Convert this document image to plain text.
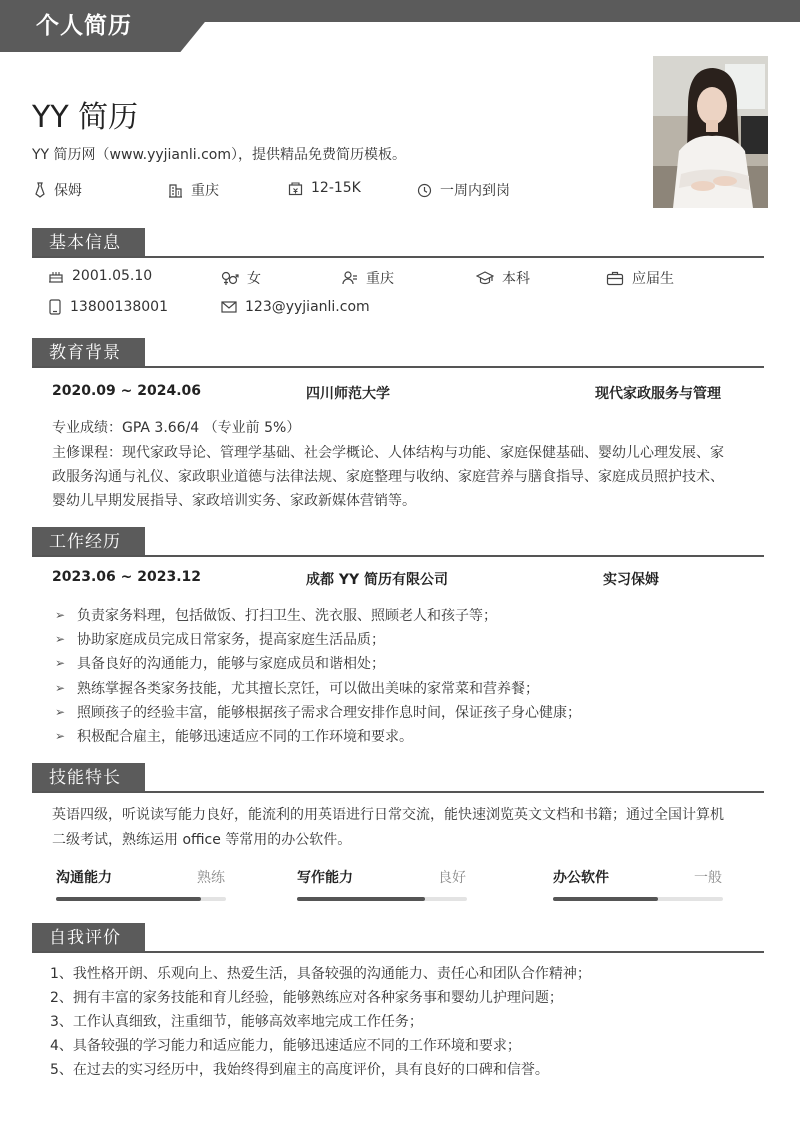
个人简历
YY 简历
YY 简历网（www.yyjianli.com），提供精品免费简历模板。
保姆	重庆	12-15K	一周内到岗
基本信息
2001.05.10	女	重庆	本科	应届生
13800138001	123@yyjianli.com
教育背景
2020.09 ~ 2024.06	四川师范大学	现代家政服务与管理
专业成绩：GPA 3.66/4 （专业前 5%）
主修课程：现代家政导论、管理学基础、社会学概论、人体结构与功能、家庭保健基础、婴幼儿心理发展、家
政服务沟通与礼仪、家政职业道德与法律法规、家庭整理与收纳、家庭营养与膳食指导、家庭成员照护技术、
婴幼儿早期发展指导、家政培训实务、家政新媒体营销等。
工作经历
2023.06 ~ 2023.12	成都 YY 简历有限公司	实习保姆
➢ 负责家务料理，包括做饭、打扫卫生、洗衣服、照顾老人和孩子等；
➢ 协助家庭成员完成日常家务，提高家庭生活品质；
➢ 具备良好的沟通能力，能够与家庭成员和谐相处；
➢ 熟练掌握各类家务技能，尤其擅长烹饪，可以做出美味的家常菜和营养餐；
➢ 照顾孩子的经验丰富，能够根据孩子需求合理安排作息时间，保证孩子身心健康；
➢ 积极配合雇主，能够迅速适应不同的工作环境和要求。
技能特长
英语四级，听说读写能力良好，能流利的用英语进行日常交流，能快速浏览英文文档和书籍；通过全国计算机
二级考试，熟练运用 office 等常用的办公软件。
沟通能力	熟练	写作能力	良好	办公软件	一般
自我评价
1、我性格开朗、乐观向上、热爱生活，具备较强的沟通能力、责任心和团队合作精神；
2、拥有丰富的家务技能和育儿经验，能够熟练应对各种家务事和婴幼儿护理问题；
3、工作认真细致，注重细节，能够高效率地完成工作任务；
4、具备较强的学习能力和适应能力，能够迅速适应不同的工作环境和要求；
5、在过去的实习经历中，我始终得到雇主的高度评价，具有良好的口碑和信誉。
